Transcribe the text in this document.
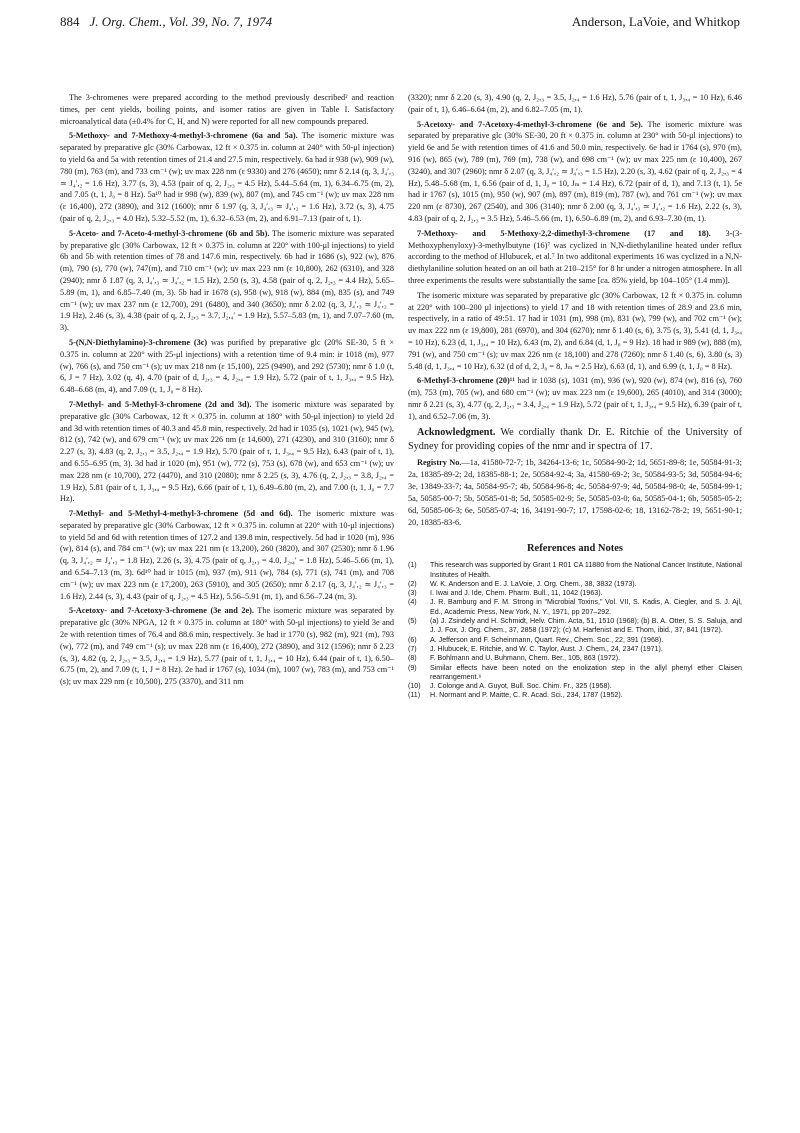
884 J. Org. Chem., Vol. 39, No. 7, 1974	Anderson, LaVoie, and Whitkop

The 3-chromenes were prepared according to the method previously described² and reaction times, per cent yields, boiling points, and isomer ratios are given in Table I. Satisfactory microanalytical data (±0.4% for C, H, and N) were reported for all new compounds prepared.

5-Methoxy- and 7-Methoxy-4-methyl-3-chromene (6a and 5a). The isomeric mixture was separated by preparative glc (30% Carbowax, 12 ft × 0.375 in. column at 240° with 50-μl injection) to yield 6a and 5a with retention times of 21.4 and 27.5 min, respectively. 6a had ir 938 (w), 909 (w), 780 (m), 763 (m), and 733 cm⁻¹ (w); uv max 228 nm (ε 9330) and 276 (4650); nmr δ 2.14 (q, 3, J₄′,₃ ≃ J₄′,₂ = 1.6 Hz), 3.77 (s, 3), 4.53 (pair of q, 2, J₂,₃ = 4.5 Hz), 5.44–5.64 (m, 1), 6.34–6.75 (m, 2), and 7.05 (t, 1, J₀ = 8 Hz). 5a¹⁰ had ir 998 (w), 839 (w), 807 (m), and 745 cm⁻¹ (w); uv max 228 nm (ε 16,400), 272 (3890), and 312 (1600); nmr δ 1.97 (q, 3, J₄′,₃ ≃ J₄′,₂ = 1.6 Hz), 3.72 (s, 3), 4.75 (pair of q, 2, J₂,₃ = 4.0 Hz), 5.32–5.52 (m, 1), 6.32–6.53 (m, 2), and 6.91–7.13 (pair of t, 1).

5-Aceto- and 7-Aceto-4-methyl-3-chromene (6b and 5b). The isomeric mixture was separated by preparative glc (30% Carbowax, 12 ft × 0.375 in. column at 220° with 100-μl injections) to yield 6b and 5b with retention times of 78 and 147.6 min, respectively. 6b had ir 1686 (s), 922 (w), 876 (m), 790 (s), 770 (w), 747(m), and 710 cm⁻¹ (w); uv max 223 nm (ε 10,800), 262 (6310), and 328 (2940); nmr δ 1.87 (q, 3, J₄′,₃ ≃ J₄′,₂ = 1.5 Hz), 2.50 (s, 3), 4.58 (pair of q, 2, J₂,₃ = 4.4 Hz), 5.65–5.89 (m, 1), and 6.85–7.40 (m, 3). 5b had ir 1678 (s), 958 (w), 918 (w), 884 (m), 835 (s), and 749 cm⁻¹ (w); uv max 237 nm (ε 12,700), 291 (6480), and 340 (3650); nmr δ 2.02 (q, 3, J₄′,₃ ≃ J₄′,₂ = 1.9 Hz), 2.46 (s, 3), 4.38 (pair of q, 2, J₂,₃ = 3.7, J₂,₄′ = 1.9 Hz), 5.57–5.83 (m, 1), and 7.07–7.60 (m, 3).

5-(N,N-Diethylamino)-3-chromene (3c) was purified by preparative glc (20% SE-30, 5 ft × 0.375 in. column at 220° with 25-μl injections) with a retention time of 9.4 min: ir 1018 (m), 977 (w), 766 (s), and 750 cm⁻¹ (s); uv max 218 nm (ε 15,100), 225 (9490), and 292 (5730); nmr δ 1.0 (t, 6, J = 7 Hz), 3.02 (q, 4), 4.70 (pair of d, J₂,₃ = 4, J₂,₄ = 1.9 Hz), 5.72 (pair of t, 1, J₃,₄ = 9.5 Hz), 6.48–6.68 (m, 4), and 7.09 (t, 1, J₀ = 8 Hz).

7-Methyl- and 5-Methyl-3-chromene (2d and 3d). The isomeric mixture was separated by preparative glc (30% Carbowax, 12 ft × 0.375 in. column at 180° with 50-μl injection) to yield 2d and 3d with retention times of 40.3 and 45.8 min, respectively. 2d had ir 1035 (s), 1021 (w), 945 (w), 812 (s), 742 (w), and 679 cm⁻¹ (w); uv max 226 nm (ε 14,600), 271 (4230), and 310 (3160); nmr δ 2.27 (s, 3), 4.83 (q, 2, J₂,₃ = 3.5, J₂,₄ = 1.9 Hz), 5.70 (pair of t, 1, J₃,₄ = 9.5 Hz), 6.43 (pair of t, 1), and 6.55–6.95 (m, 3). 3d had ir 1020 (m), 951 (w), 772 (s), 753 (s), 678 (w), and 653 cm⁻¹ (w); uv max 228 nm (ε 10,700), 272 (4470), and 310 (2080); nmr δ 2.25 (s, 3), 4.76 (q, 2, J₂,₃ = 3.8, J₂,₄ = 1.9 Hz), 5.81 (pair of t, 1, J₃,₄ = 9.5 Hz), 6.66 (pair of t, 1), 6.49–6.80 (m, 2), and 7.00 (t, 1, J₀ = 7.7 Hz).

7-Methyl- and 5-Methyl-4-methyl-3-chromene (5d and 6d). The isomeric mixture was separated by preparative glc (30% Carbowax, 12 ft × 0.375 in. column at 220° with 10-μl injections) to yield 5d and 6d with retention times of 127.2 and 139.8 min, respectively. 5d had ir 1020 (m), 936 (w), 814 (s), and 784 cm⁻¹ (w); uv max 221 nm (ε 13,200), 260 (3820), and 307 (2530); nmr δ 1.96 (q, 3, J₄′,₂ ≃ J₄′,₃ = 1.8 Hz), 2.26 (s, 3), 4.75 (pair of q, J₂,₃ = 4.0, J₂,₄′ = 1.8 Hz), 5.46–5.66 (m, 1), and 6.54–7.13 (m, 3). 6d¹⁰ had ir 1015 (m), 937 (m), 911 (w), 784 (s), 771 (s), 741 (m), and 708 cm⁻¹ (w); uv max 223 nm (ε 17,200), 263 (5910), and 305 (2650); nmr δ 2.17 (q, 3, J₄′,₂ ≃ J₄′,₃ = 1.6 Hz), 2.44 (s, 3), 4.43 (pair of q, J₂,₃ = 4.5 Hz), 5.56–5.91 (m, 1), and 6.56–7.24 (m, 3).

5-Acetoxy- and 7-Acetoxy-3-chromene (3e and 2e). The isomeric mixture was separated by preparative glc (30% NPGA, 12 ft × 0.375 in. column at 180° with 50-μl injections) to yield 3e and 2e with retention times of 76.4 and 88.6 min, respectively. 3e had ir 1770 (s), 982 (m), 921 (m), 793 (w), 772 (m), and 749 cm⁻¹ (s); uv max 228 nm (ε 16,400), 272 (3890), and 312 (1596); nmr δ 2.23 (s, 3), 4.82 (q, 2, J₂,₃ = 3.5, J₂,₄ = 1.9 Hz), 5.77 (pair of t, 1, J₃,₄ = 10 Hz), 6.44 (pair of t, 1), 6.50–6.75 (m, 2), and 7.09 (t, 1, J = 8 Hz). 2e had ir 1767 (s), 1034 (m), 1007 (w), 783 (m), and 753 cm⁻¹ (s); uv max 229 nm (ε 10,500), 275 (3370), and 311 nm

(3320); nmr δ 2.20 (s, 3), 4.90 (q, 2, J₂,₃ = 3.5, J₂,₄ = 1.6 Hz), 5.76 (pair of t, 1, J₃,₄ = 10 Hz), 6.46 (pair of t, 1), 6.46–6.64 (m, 2), and 6.82–7.05 (m, 1).

5-Acetoxy- and 7-Acetoxy-4-methyl-3-chromene (6e and 5e). The isomeric mixture was separated by preparative glc (30% SE-30, 20 ft × 0.375 in. column at 230° with 50-μl injections) to yield 6e and 5e with retention times of 41.6 and 50.0 min, respectively. 6e had ir 1764 (s), 970 (m), 916 (w), 865 (w), 789 (m), 769 (m), 738 (w), and 698 cm⁻¹ (w); uv max 225 nm (ε 10,400), 267 (3240), and 307 (2960); nmr δ 2.07 (q, 3, J₄′,₂ ≃ J₄′,₃ = 1.5 Hz), 2.20 (s, 3), 4.62 (pair of q, 2, J₂,₃ = 4 Hz), 5.48–5.68 (m, 1, 6.56 (pair of d, 1, J₀ = 10, Jₘ = 1.4 Hz), 6.72 (pair of d, 1), and 7.13 (t, 1). 5e had ir 1767 (s), 1015 (m), 950 (w), 907 (m), 897 (m), 819 (m), 787 (w), and 761 cm⁻¹ (w); uv max 220 nm (ε 8730), 267 (2540), and 306 (3140); nmr δ 2.00 (q, 3, J₄′,₃ ≃ J₄′,₂ = 1.6 Hz), 2.22 (s, 3), 4.83 (pair of q, 2, J₂,₃ = 3.5 Hz), 5.46–5.66 (m, 1), 6.50–6.89 (m, 2), and 6.93–7.30 (m, 1).

7-Methoxy- and 5-Methoxy-2,2-dimethyl-3-chromene (17 and 18). 3-(3-Methoxyphenyloxy)-3-methylbutyne (16)⁷ was cyclized in N,N-diethylaniline heated under reflux according to the method of Hlubucek, et al.⁷ In two additonal experiments 16 was cyclized in a N,N-diethylaniline solution heated on an oil bath at 210–215° for 8 hr under a nitrogen atmosphere. In all three experiments the results were substantially the same [ca. 85% yield, bp 104–105° (1.4 mm)].

The isomeric mixture was separated by preparative glc (30% Carbowax, 12 ft × 0.375 in. column at 220° with 100–200 μl injections) to yield 17 and 18 with retention times of 28.9 and 23.6 min, respectively, in a ratio of 49:51. 17 had ir 1031 (m), 998 (m), 831 (w), 799 (w), and 702 cm⁻¹ (w); uv max 222 nm (ε 19,800), 281 (6970), and 304 (6270); nmr δ 1.40 (s, 6), 3.75 (s, 3), 5.41 (d, 1, J₃,₄ = 10 Hz), 6.23 (d, 1, J₃,₄ = 10 Hz), 6.43 (m, 2), and 6.84 (d, 1, J₀ = 9 Hz). 18 had ir 989 (w), 888 (m), 791 (w), and 750 cm⁻¹ (s); uv max 226 nm (ε 18,100) and 278 (7260); nmr δ 1.40 (s, 6), 3.80 (s, 3) 5.48 (d, 1, J₃,₄ = 10 Hz), 6.32 (d of d, 2, J₀ = 8, Jₘ = 2.5 Hz), 6.63 (d, 1), and 6.99 (t, 1, J₀ = 8 Hz).

6-Methyl-3-chromene (20)¹¹ had ir 1038 (s), 1031 (m), 936 (w), 920 (w), 874 (w), 816 (s), 760 (m), 753 (m), 705 (w), and 680 cm⁻¹ (w); uv max 223 nm (ε 19,600), 265 (4010), and 314 (3000); nmr δ 2.21 (s, 3), 4.77 (q, 2, J₂,₃ = 3.4, J₂,₄ = 1.9 Hz), 5.72 (pair of t, 1, J₃,₄ = 9.5 Hz), 6.39 (pair of t, 1), and 6.52–7.06 (m, 3).

Acknowledgment. We cordially thank Dr. E. Ritchie of the University of Sydney for providing copies of the nmr and ir spectra of 17.

Registry No.—1a, 41580-72-7; 1b, 34264-13-6; 1c, 50584-90-2; 1d, 5651-89-8; 1e, 50584-91-3; 2a, 18385-89-2; 2d, 18385-88-1; 2e, 50584-92-4; 3a, 41580-69-2; 3c, 50584-93-5; 3d, 50584-94-6; 3e, 13849-33-7; 4a, 50584-95-7; 4b, 50584-96-8; 4c, 50584-97-9; 4d, 50584-98-0; 4e, 50584-99-1; 5a, 50585-00-7; 5b, 50585-01-8; 5d, 50585-02-9; 5e, 50585-03-0; 6a, 50585-04-1; 6b, 50585-05-2; 6d, 50585-06-3; 6e, 50585-07-4; 16, 34191-90-7; 17, 17598-02-6; 18, 13162-78-2; 19, 5651-90-1; 20, 18385-83-6.

References and Notes
(1)	This research was supported by Grant 1 R01 CA 11880 from the National Cancer Institute, National Institutes of Health.
(2)	W. K. Anderson and E. J. LaVoie, J. Org. Chem., 38, 3832 (1973).
(3)	I. Iwai and J. Ide, Chem. Pharm. Bull., 11, 1042 (1963).
(4)	J. R. Bamburg and F. M. Strong in "Microbial Toxins," Vol. VII, S. Kadis, A. Ciegler, and S. J. Ajl, Ed., Academic Press, New York, N. Y., 1971, pp 207–292.
(5)	(a) J. Zsindely and H. Schmidt, Helv. Chim. Acta, 51, 1510 (1968); (b) B. A. Otter, S. S. Saluja, and J. J. Fox, J. Org. Chem., 37, 2858 (1972); (c) M. Harfenist and E. Thom, ibid., 37, 841 (1972).
(6)	A. Jefferson and F. Scheinmann, Quart. Rev., Chem. Soc., 22, 391 (1968).
(7)	J. Hlubucek, E. Ritchie, and W. C. Taylor, Aust. J. Chem., 24, 2347 (1971).
(8)	F. Bohlmann and U. Buhmann, Chem. Ber., 105, 863 (1972).
(9)	Similar effects have been noted on the enolization step in the allyl phenyl ether Claisen rearrangement.⁶
(10)	J. Colonge and A. Guyot, Bull. Soc. Chim. Fr., 325 (1958).
(11)	H. Normant and P. Maitte, C. R. Acad. Sci., 234, 1787 (1952).
